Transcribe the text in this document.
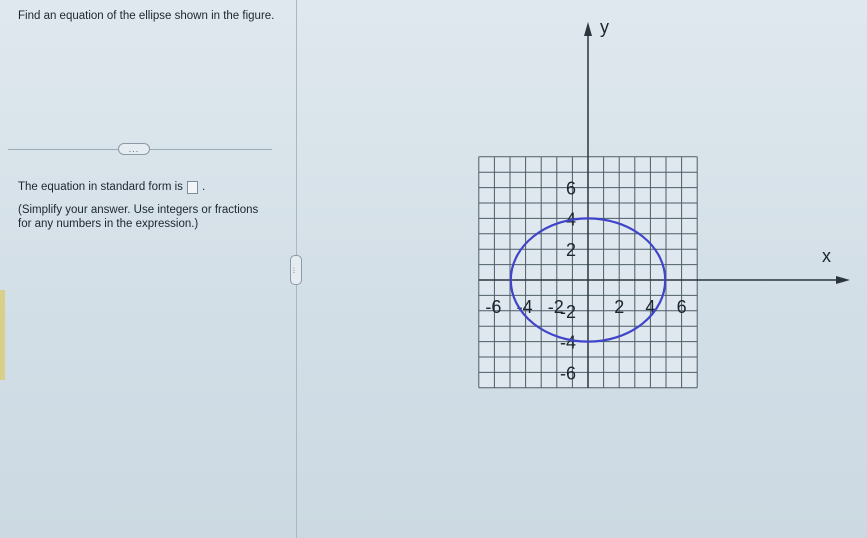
Find an equation of the ellipse shown in the figure.
...
The equation in standard form is .
(Simplify your answer. Use integers or fractions for any numbers in the expression.)
...
x
y
-6 -4 -2	2 4 6
6
4
2
-2
-4
-6
